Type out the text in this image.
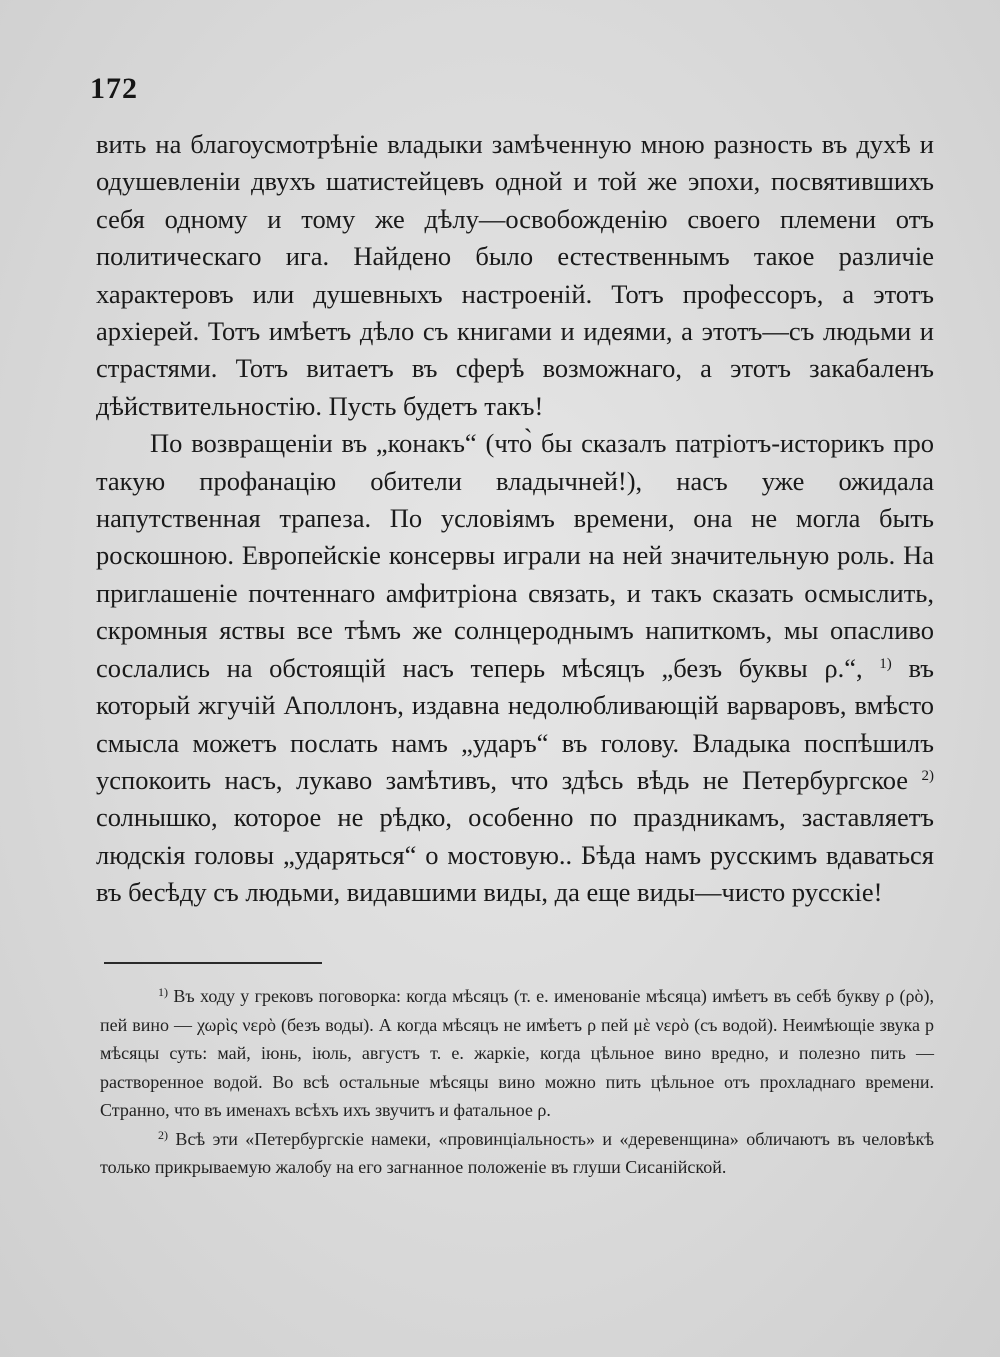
172

вить на благоусмотрѣніе владыки замѣченную мною разность въ духѣ и одушевленіи двухъ шатистейцевъ одной и той же эпохи, посвятившихъ себя одному и тому же дѣлу—освобожденію своего племени отъ политическаго ига. Найдено было естественнымъ такое различіе характеровъ или душевныхъ настроеній. Тотъ профессоръ, а этотъ архіерей. Тотъ имѣетъ дѣло съ книгами и идеями, а этотъ—съ людьми и страстями. Тотъ витаетъ въ сферѣ возможнаго, а этотъ закабаленъ дѣйствительностію. Пусть будетъ такъ!

По возвращеніи въ „конакъ“ (что̀ бы сказалъ патріотъ-историкъ про такую профанацію обители владычней!), насъ уже ожидала напутственная трапеза. По условіямъ времени, она не могла быть роскошною. Европейскіе консервы играли на ней значительную роль. На приглашеніе почтеннаго амфитріона связать, и такъ сказать осмыслить, скромныя яствы все тѣмъ же солнцероднымъ напиткомъ, мы опасливо сослались на обстоящій насъ теперь мѣсяцъ „безъ буквы ρ.“, $^{1)}$ въ который жгучій Аполлонъ, издавна недолюбливающій варваровъ, вмѣсто смысла можетъ послать намъ „ударъ“ въ голову. Владыка поспѣшилъ успокоить насъ, лукаво замѣтивъ, что здѣсь вѣдь не Петербургское $^{2)}$ солнышко, которое не рѣдко, особенно по праздникамъ, заставляетъ людскія головы „ударяться“ о мостовую.. Бѣда намъ русскимъ вдаваться въ бесѣду съ людьми, видавшими виды, да еще виды—чисто русскіе!

$^{1)}$ Въ ходу у грековъ поговорка: когда мѣсяцъ (т. е. именованіе мѣсяца) имѣетъ въ себѣ букву ρ (ρὸ), пей вино — χωρὶς νερὸ (безъ воды). А когда мѣсяцъ не имѣетъ ρ пей μὲ νερὸ (съ водой). Неимѣющіе звука р мѣсяцы суть: май, іюнь, іюль, августъ т. е. жаркіе, когда цѣльное вино вредно, и полезно пить — растворенное водой. Во всѣ остальные мѣсяцы вино можно пить цѣльное отъ прохладнаго времени. Странно, что въ именахъ всѣхъ ихъ звучитъ и фатальное ρ.

$^{2)}$ Всѣ эти «Петербургскіе намеки, «провинціальность» и «деревенщина» обличаютъ въ человѣкѣ только прикрываемую жалобу на его загнанное положеніе въ глуши Сисанійской.
